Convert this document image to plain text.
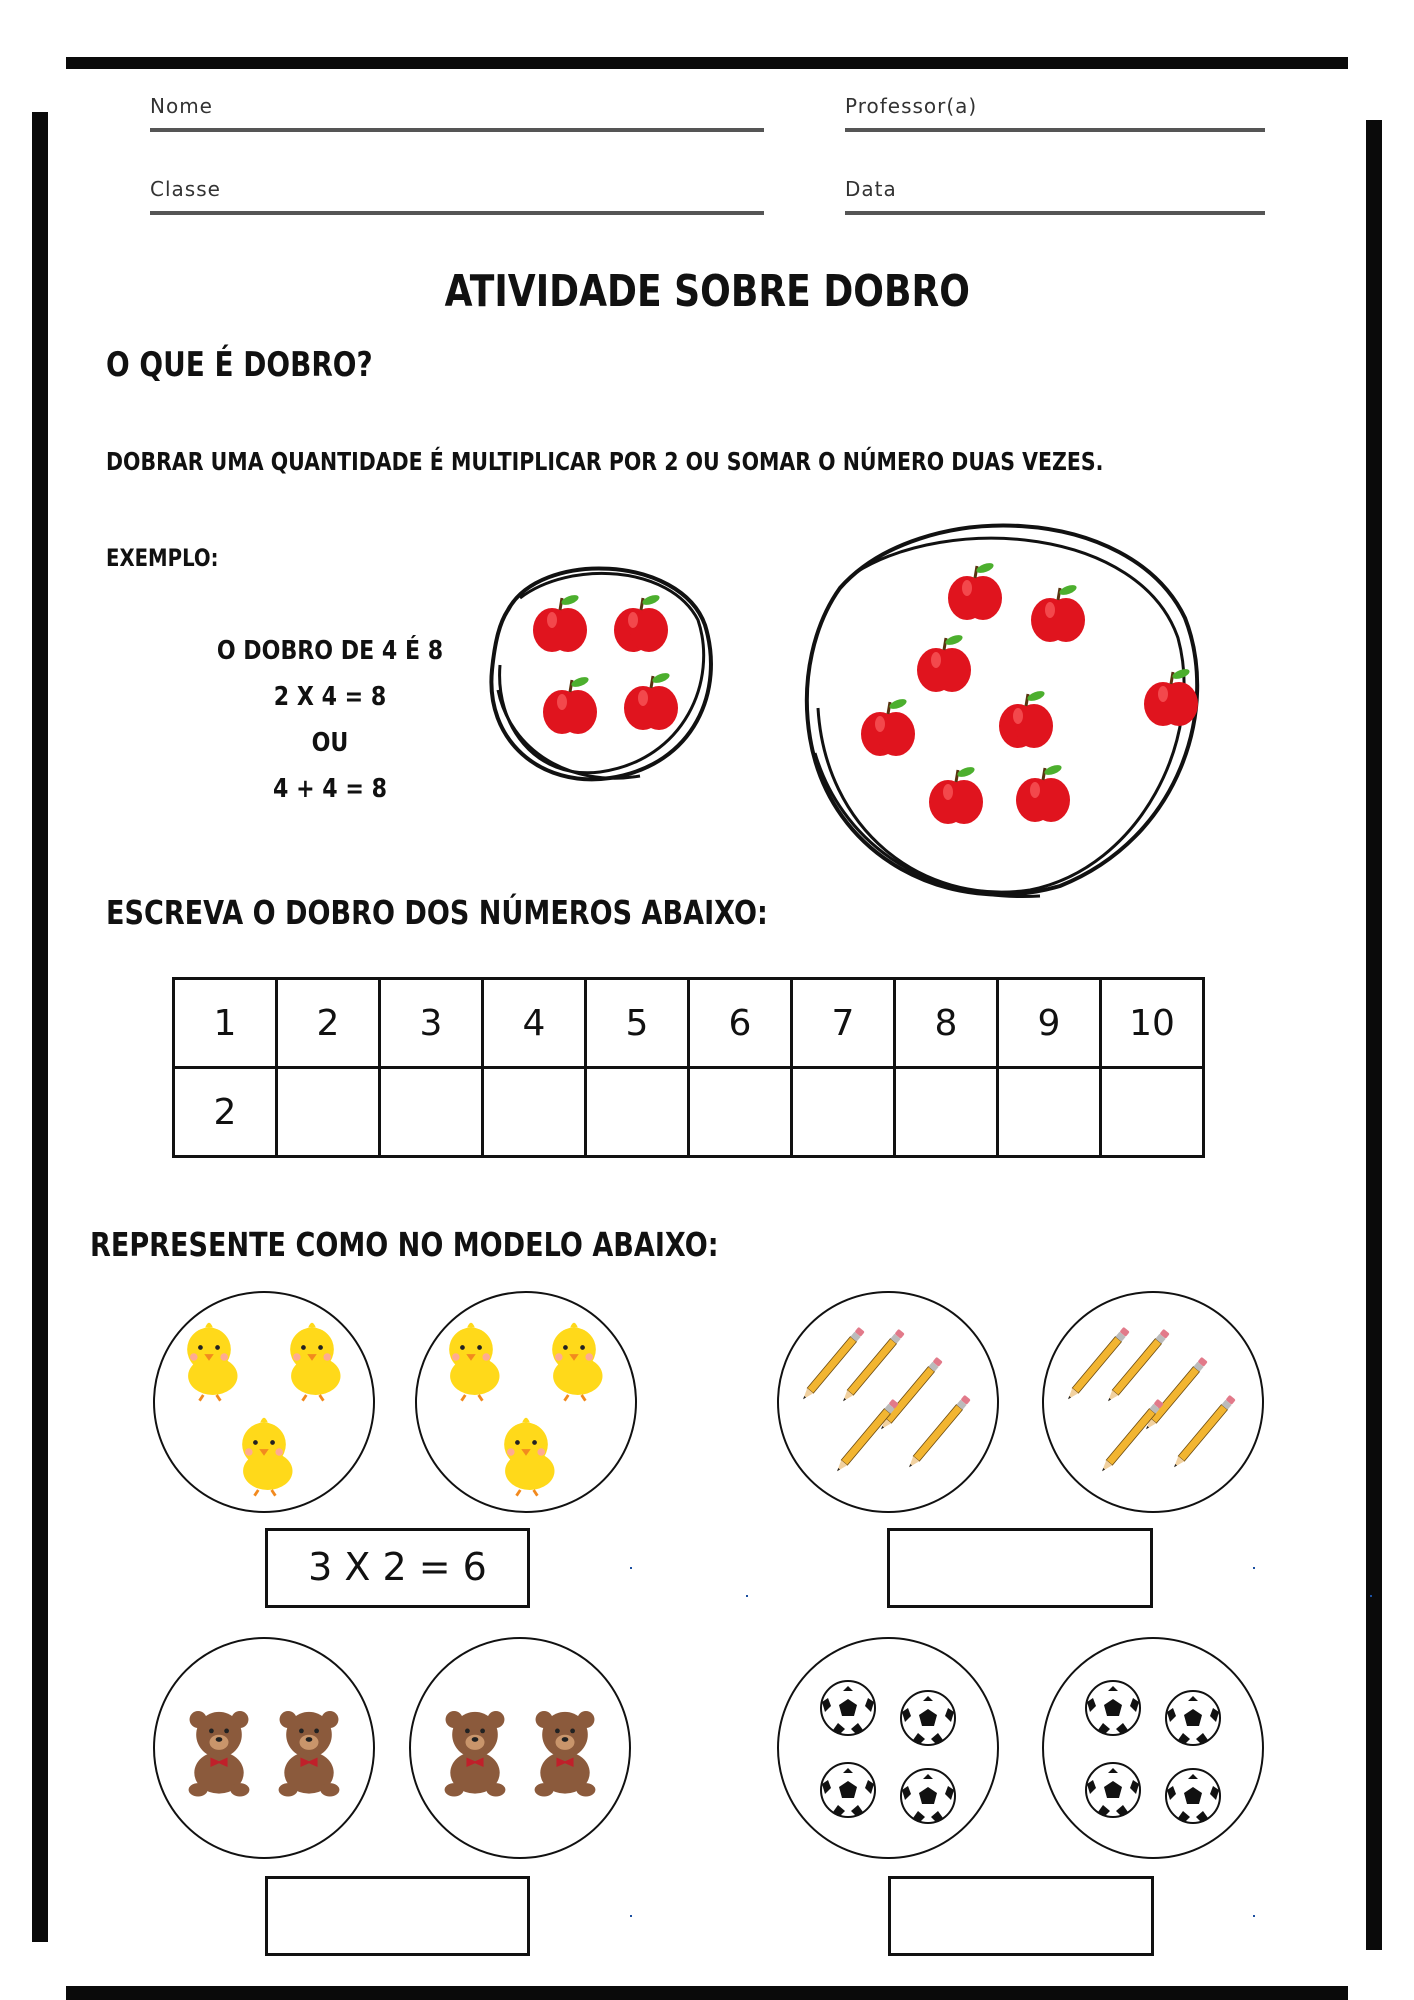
Nome	Professor(a)
Classe	Data
ATIVIDADE SOBRE DOBRO
O QUE É DOBRO?
DOBRAR UMA QUANTIDADE É MULTIPLICAR POR 2 OU SOMAR O NÚMERO DUAS VEZES.
EXEMPLO:
O DOBRO DE 4 É 8
2 X 4 = 8
OU
4 + 4 = 8
ESCREVA O DOBRO DOS NÚMEROS ABAIXO:
1	2	3	4	5	6	7	8	9	10
2									
REPRESENTE COMO NO MODELO ABAIXO:
3 X 2 = 6
